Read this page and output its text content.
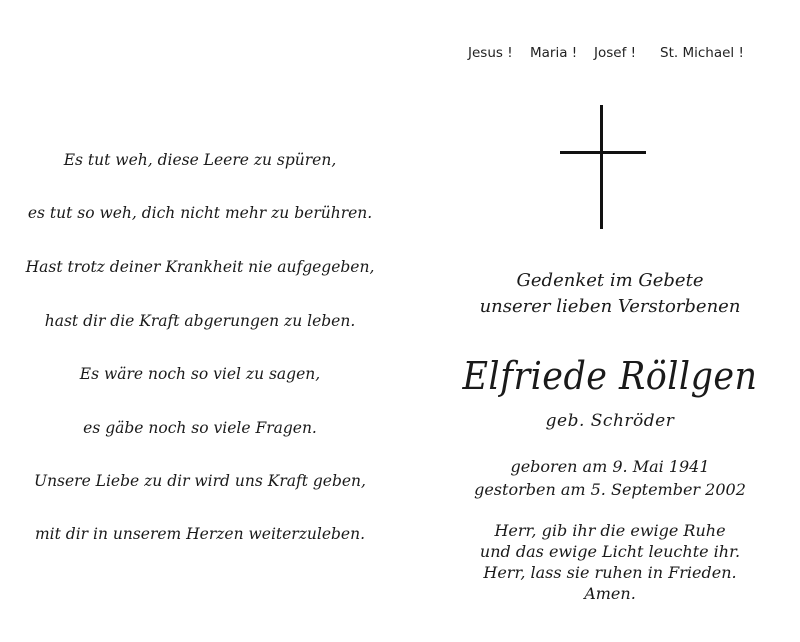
Es tut weh, diese Leere zu spüren,
es tut so weh, dich nicht mehr zu berühren.
Hast trotz deiner Krankheit nie aufgegeben,
hast dir die Kraft abgerungen zu leben.
Es wäre noch so viel zu sagen,
es gäbe noch so viele Fragen.
Unsere Liebe zu dir wird uns Kraft geben,
mit dir in unserem Herzen weiterzuleben.
Jesus ! Maria ! Josef ! St. Michael !
Gedenket im Gebete
unserer lieben Verstorbenen
Elfriede Röllgen
geb. Schröder
geboren am 9. Mai 1941
gestorben am 5. September 2002
Herr, gib ihr die ewige Ruhe
und das ewige Licht leuchte ihr.
Herr, lass sie ruhen in Frieden.
Amen.
